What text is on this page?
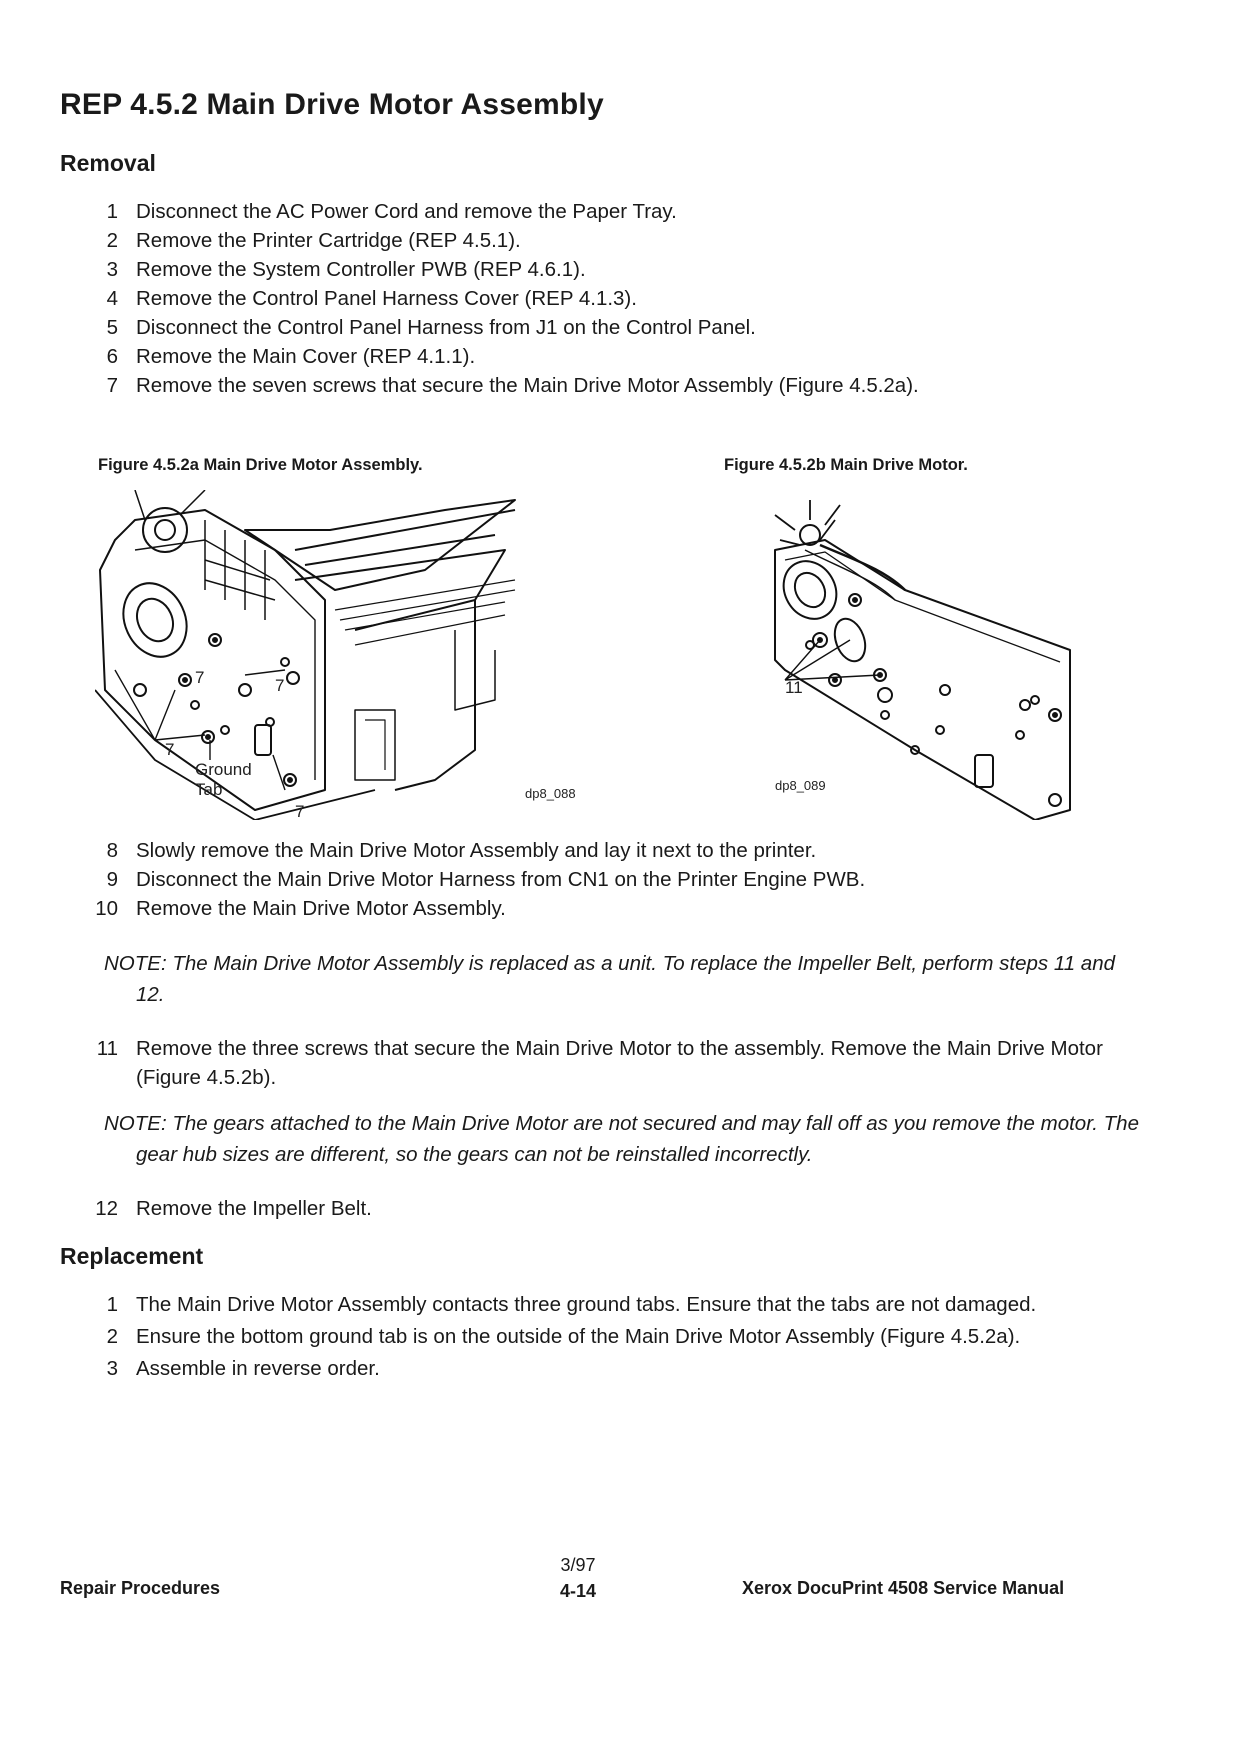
REP 4.5.2 Main Drive Motor Assembly
Removal
1 Disconnect the AC Power Cord and remove the Paper Tray.
2 Remove the Printer Cartridge (REP 4.5.1).
3 Remove the System Controller PWB (REP 4.6.1).
4 Remove the Control Panel Harness Cover (REP 4.1.3).
5 Disconnect the Control Panel Harness from J1 on the Control Panel.
6 Remove the Main Cover (REP 4.1.1).
7 Remove the seven screws that secure the Main Drive Motor Assembly (Figure 4.5.2a).

Figure 4.5.2a Main Drive Motor Assembly.	Figure 4.5.2b Main Drive Motor.

7
7	7
Ground
Tab
7
dp8_088
11
dp8_089
8 Slowly remove the Main Drive Motor Assembly and lay it next to the printer.
9 Disconnect the Main Drive Motor Harness from CN1 on the Printer Engine PWB.
10 Remove the Main Drive Motor Assembly.

NOTE: The Main Drive Motor Assembly is replaced as a unit. To replace the Impeller Belt, perform steps 11 and 12.

11 Remove the three screws that secure the Main Drive Motor to the assembly. Remove the Main Drive Motor (Figure 4.5.2b).

NOTE: The gears attached to the Main Drive Motor are not secured and may fall off as you remove the motor. The gear hub sizes are different, so the gears can not be reinstalled incorrectly.

12 Remove the Impeller Belt.
Replacement
1 The Main Drive Motor Assembly contacts three ground tabs. Ensure that the tabs are not damaged.
2 Ensure the bottom ground tab is on the outside of the Main Drive Motor Assembly (Figure 4.5.2a).
3 Assemble in reverse order.
3/97
4-14
Repair Procedures	Xerox DocuPrint 4508 Service Manual
